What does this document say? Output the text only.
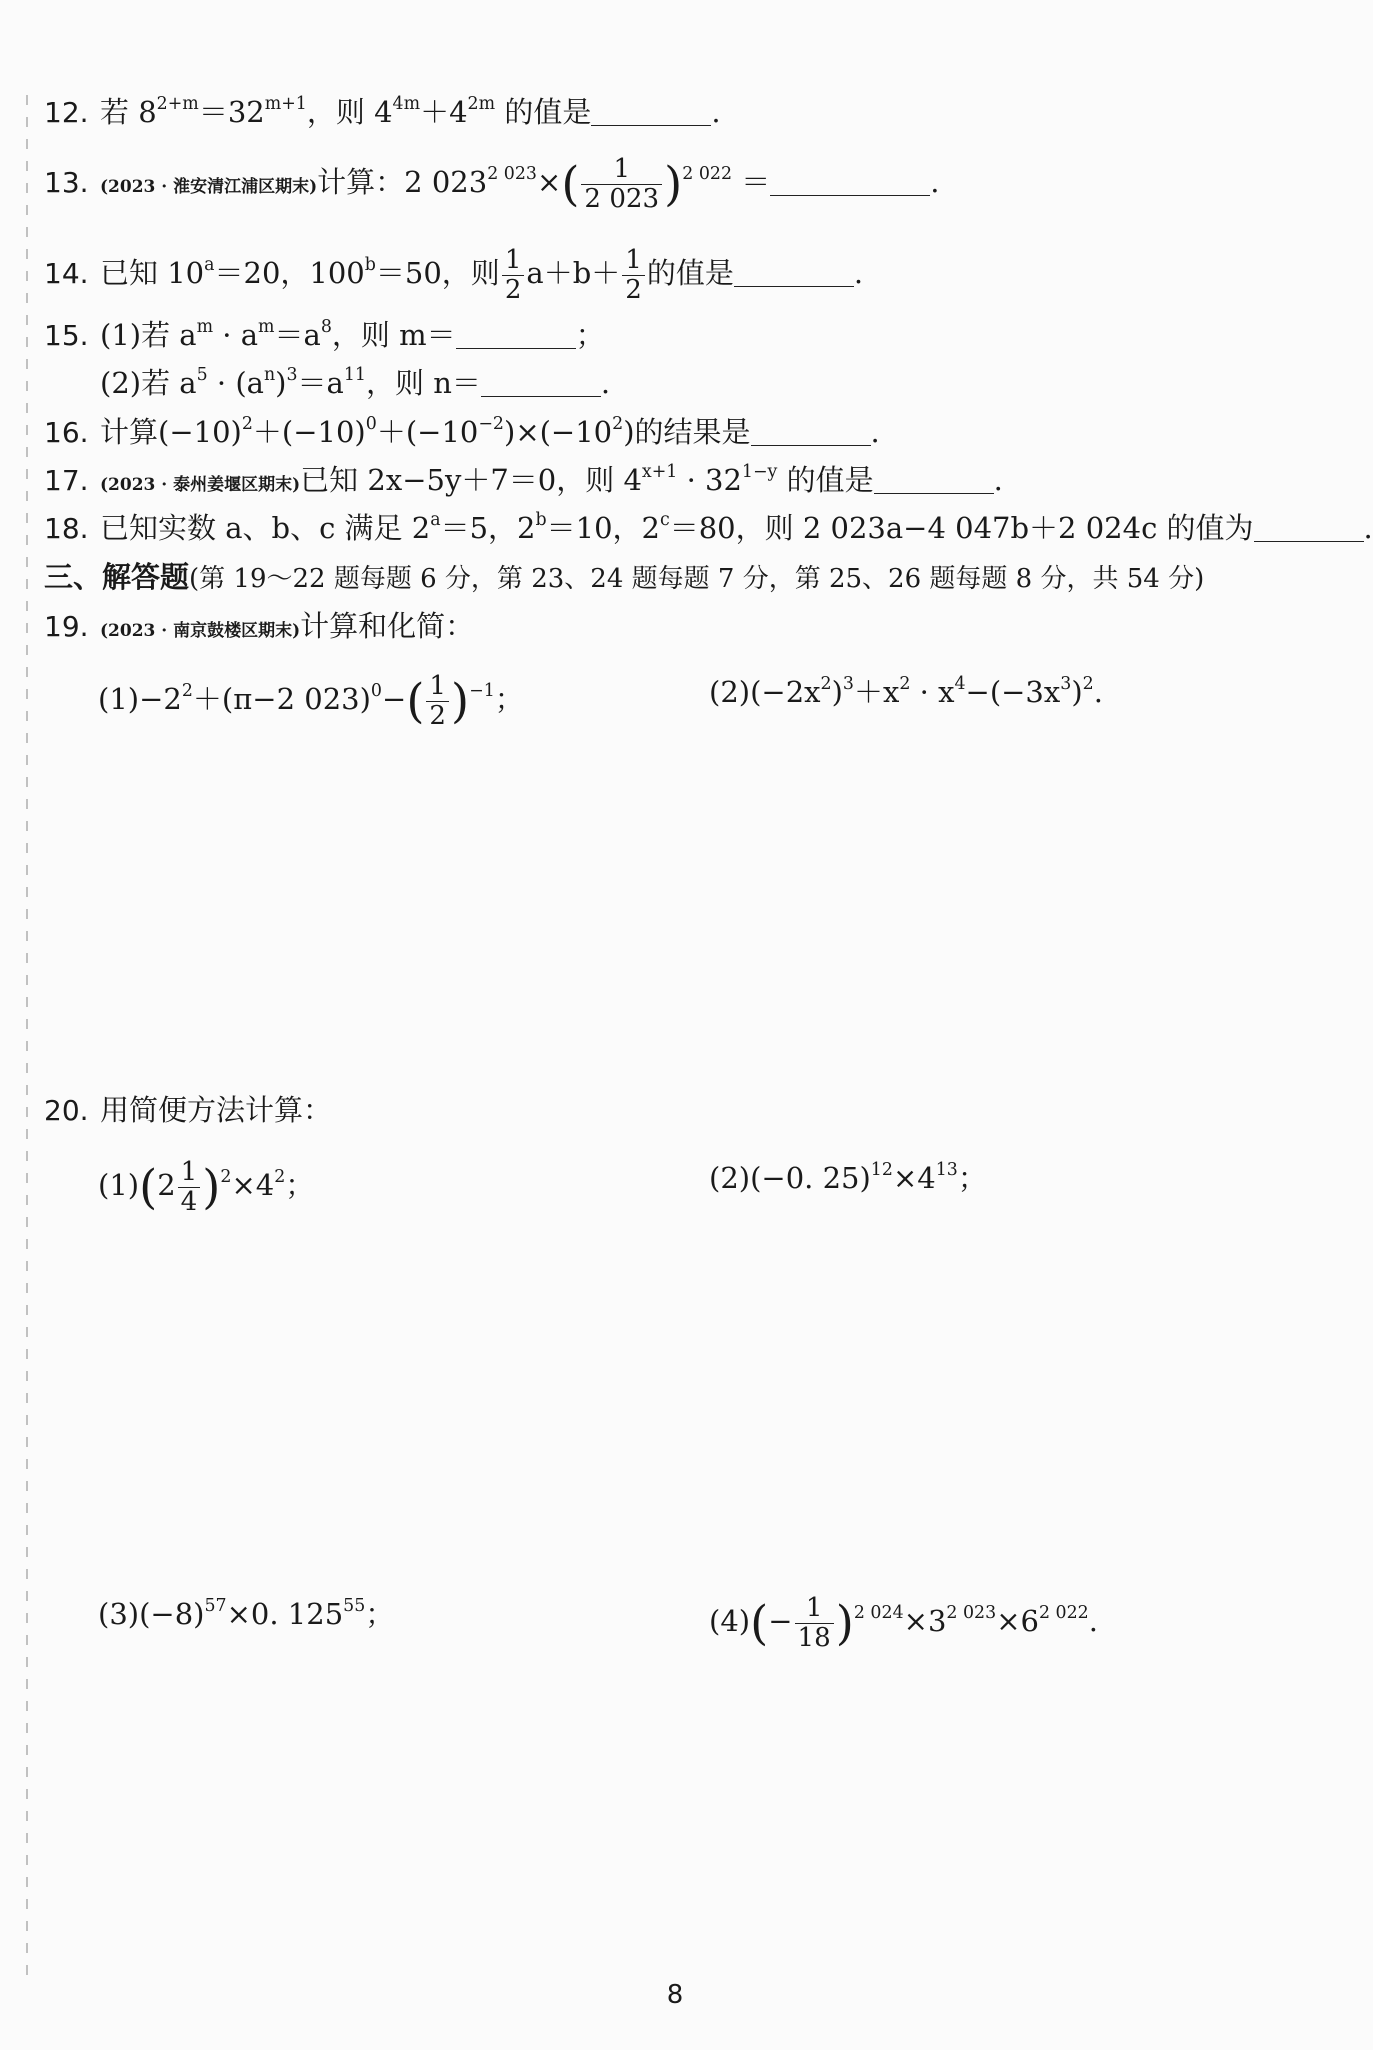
12. 若 $8^{2+m}=32^{m+1}$，则 $4^{4m}+4^{2m}$ 的值是	.
13. (2023 · 淮安清江浦区期末)计算：2 $023^{2 023}\times( \frac{1}{2 023} )^{2 022}$ ＝	.
14. 已知 $10^a=20$，$100^b=50$，则 $\frac{1}{2} a+b+ \frac{1}{2}$ 的值是	.
15. (1)若 $a^m \cdot a^m=a^8$，则 m＝	；
(2)若 $a^5 \cdot (a^n)^3=a^{11}$，则 n＝	.
16. 计算$(-10)^2+(-10)^0+(-10^{-2})\times(-10^2)$的结果是	.
17. (2023 · 泰州姜堰区期末)已知 2x−5y＋7＝0，则 $4^{x+1} \cdot 32^{1-y}$ 的值是	.
18. 已知实数 a、b、c 满足 $2^a=5$，$2^b=10$，$2^c=80$，则 2 023a−4 047b＋2 024c 的值为	.
三、解答题(第 19～22 题每题 6 分，第 23、24 题每题 7 分，第 25、26 题每题 8 分，共 54 分)
19. (2023 · 南京鼓楼区期末)计算和化简：
$(1)-2^2+(\pi-2$ $023)^0-( \frac{1}{2} )^{-1}$；	$(2)(-2x^2)^3+x^2 \cdot x^4-(-3x^3)^2$.
20. 用简便方法计算：
$(1)(2 \frac{1}{4} )^2\times 4^2$；	(2)(−0. $25)^{12}\times 4^{13}$；
$(3)(-8)^{57}\times 0$. $125^{55}$；	$(4)(- \frac{1}{18} )^{2 024}\times 3^{2 023}\times 6^{2 022}$.
8
